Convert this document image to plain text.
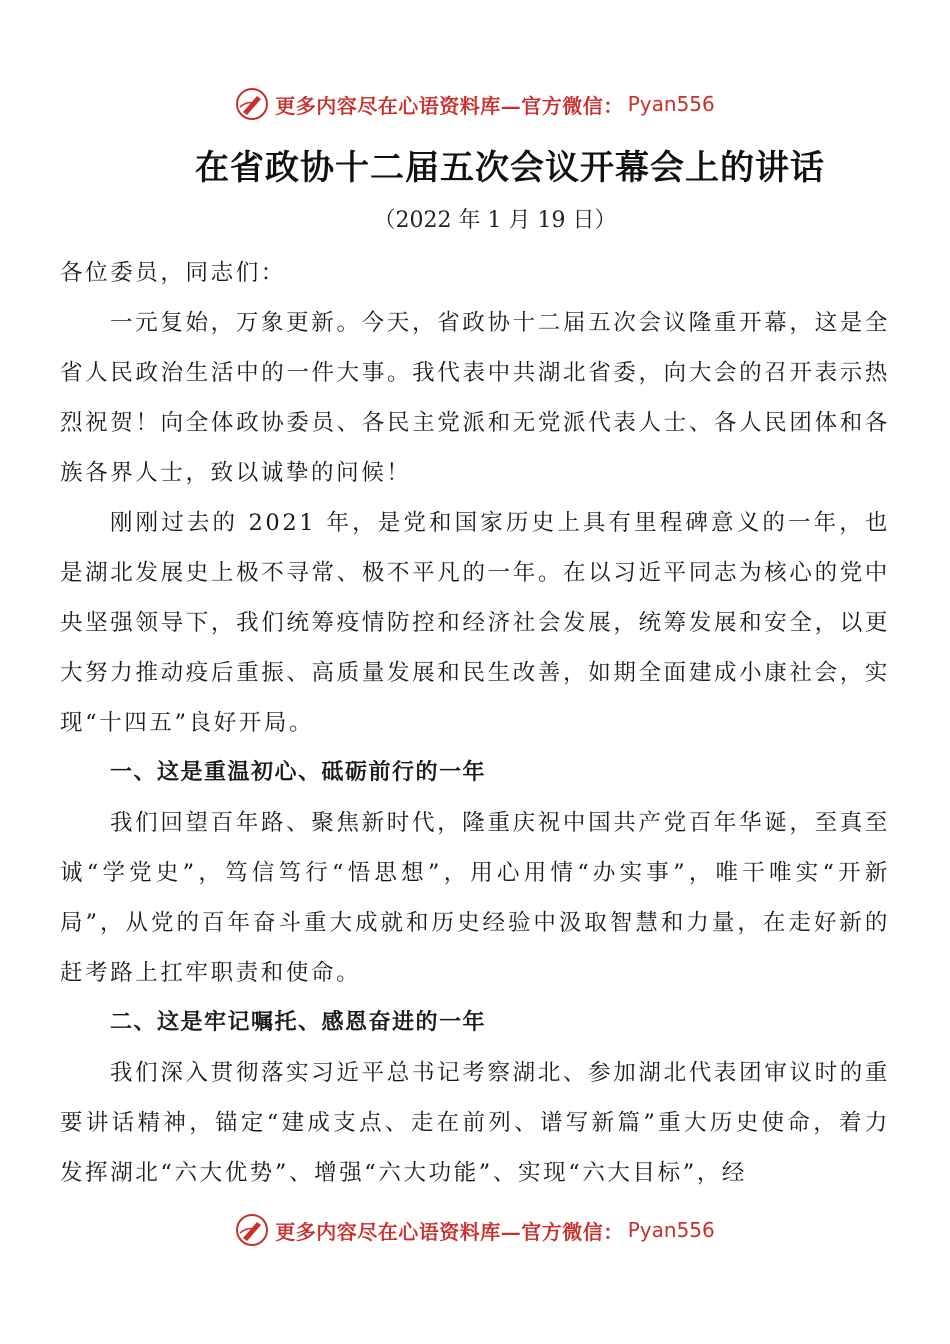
更多内容尽在心语资料库—官方微信： Pyan556
在省政协十二届五次会议开幕会上的讲话
（2022 年 1 月 19 日）
各位委员，同志们：

一元复始，万象更新。今天，省政协十二届五次会议隆重开幕，这是全省人民政治生活中的一件大事。我代表中共湖北省委，向大会的召开表示热烈祝贺！向全体政协委员、各民主党派和无党派代表人士、各人民团体和各族各界人士，致以诚挚的问候！

刚刚过去的 2021 年，是党和国家历史上具有里程碑意义的一年，也是湖北发展史上极不寻常、极不平凡的一年。在以习近平同志为核心的党中央坚强领导下，我们统筹疫情防控和经济社会发展，统筹发展和安全，以更大努力推动疫后重振、高质量发展和民生改善，如期全面建成小康社会，实现“十四五”良好开局。

一、这是重温初心、砥砺前行的一年

我们回望百年路、聚焦新时代，隆重庆祝中国共产党百年华诞，至真至诚“学党史”，笃信笃行“悟思想”，用心用情“办实事”，唯干唯实“开新局”，从党的百年奋斗重大成就和历史经验中汲取智慧和力量，在走好新的赶考路上扛牢职责和使命。

二、这是牢记嘱托、感恩奋进的一年

我们深入贯彻落实习近平总书记考察湖北、参加湖北代表团审议时的重要讲话精神，锚定“建成支点、走在前列、谱写新篇”重大历史使命，着力发挥湖北“六大优势”、增强“六大功能”、实现“六大目标”，经

更多内容尽在心语资料库—官方微信： Pyan556
